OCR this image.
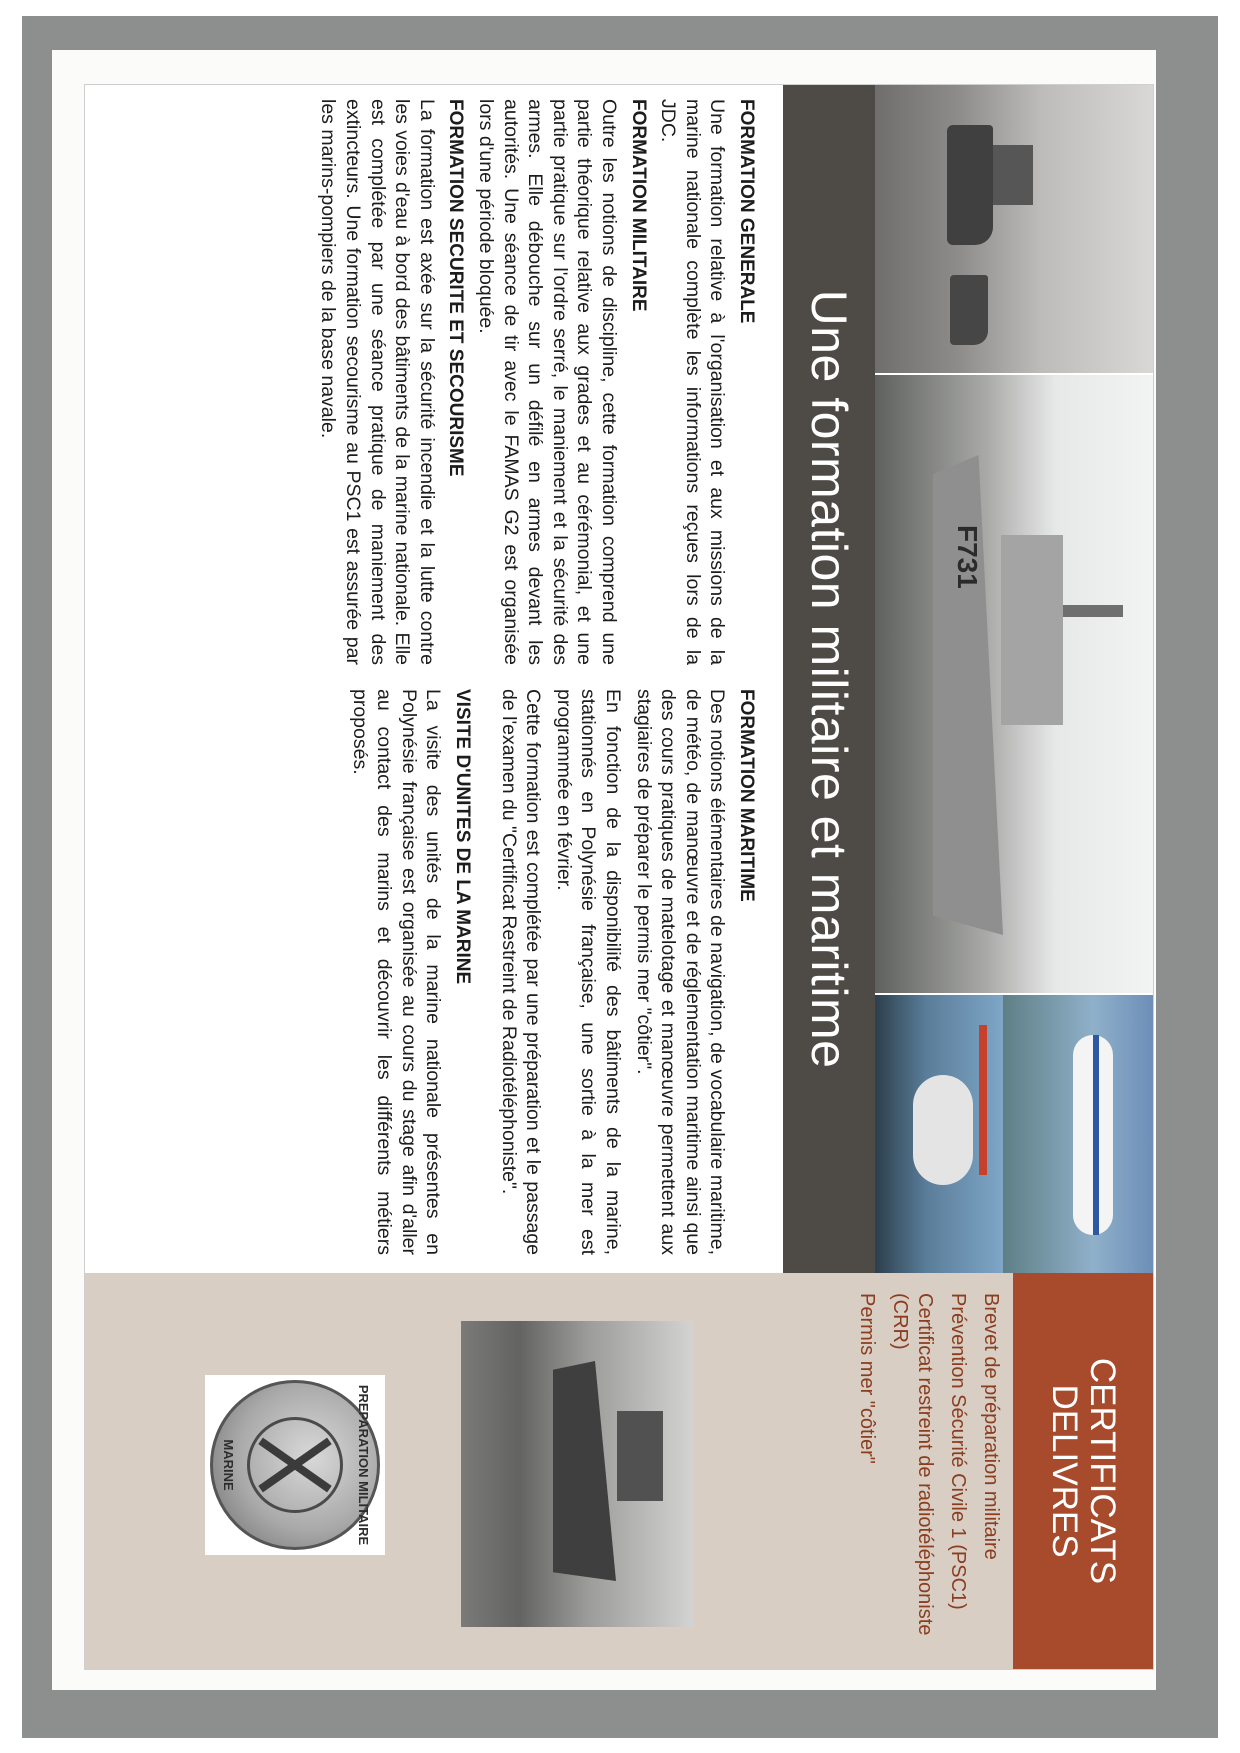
F731
Une formation militaire et maritime
FORMATION GENERALE
Une formation relative à l'organisation et aux missions de la marine nationale complète les informations reçues lors de la JDC.
FORMATION MILITAIRE
Outre les notions de discipline, cette formation comprend une partie théorique relative aux grades et au cérémonial, et une partie pratique sur l'ordre serré, le maniement et la sécurité des armes. Elle débouche sur un défilé en armes devant les autorités. Une séance de tir avec le FAMAS G2 est organisée lors d'une période bloquée.
FORMATION SECURITE ET SECOURISME
La formation est axée sur la sécurité incendie et la lutte contre les voies d'eau à bord des bâtiments de la marine nationale. Elle est complétée par une séance pratique de maniement des extincteurs. Une formation secourisme au PSC1 est assurée par les marins-pompiers de la base navale.
FORMATION MARITIME
Des notions élémentaires de navigation, de vocabulaire maritime, de météo, de manœuvre et de réglementation maritime ainsi que des cours pratiques de matelotage et manœuvre permettent aux stagiaires de préparer le permis mer "côtier".
En fonction de la disponibilité des bâtiments de la marine, stationnés en Polynésie française, une sortie à la mer est programmée en février.
Cette formation est complétée par une préparation et le passage de l'examen du "Certificat Restreint de Radiotéléphoniste".
VISITE D'UNITES DE LA MARINE
La visite des unités de la marine nationale présentes en Polynésie française est organisée au cours du stage afin d'aller au contact des marins et découvrir les différents métiers proposés.
CERTIFICATS
DELIVRES
Brevet de préparation militaire
Prévention Sécurité Civile 1 (PSC1)
Certificat restreint de radiotéléphoniste (CRR)
Permis mer "côtier"
PREPARATION MILITAIRE
MARINE
